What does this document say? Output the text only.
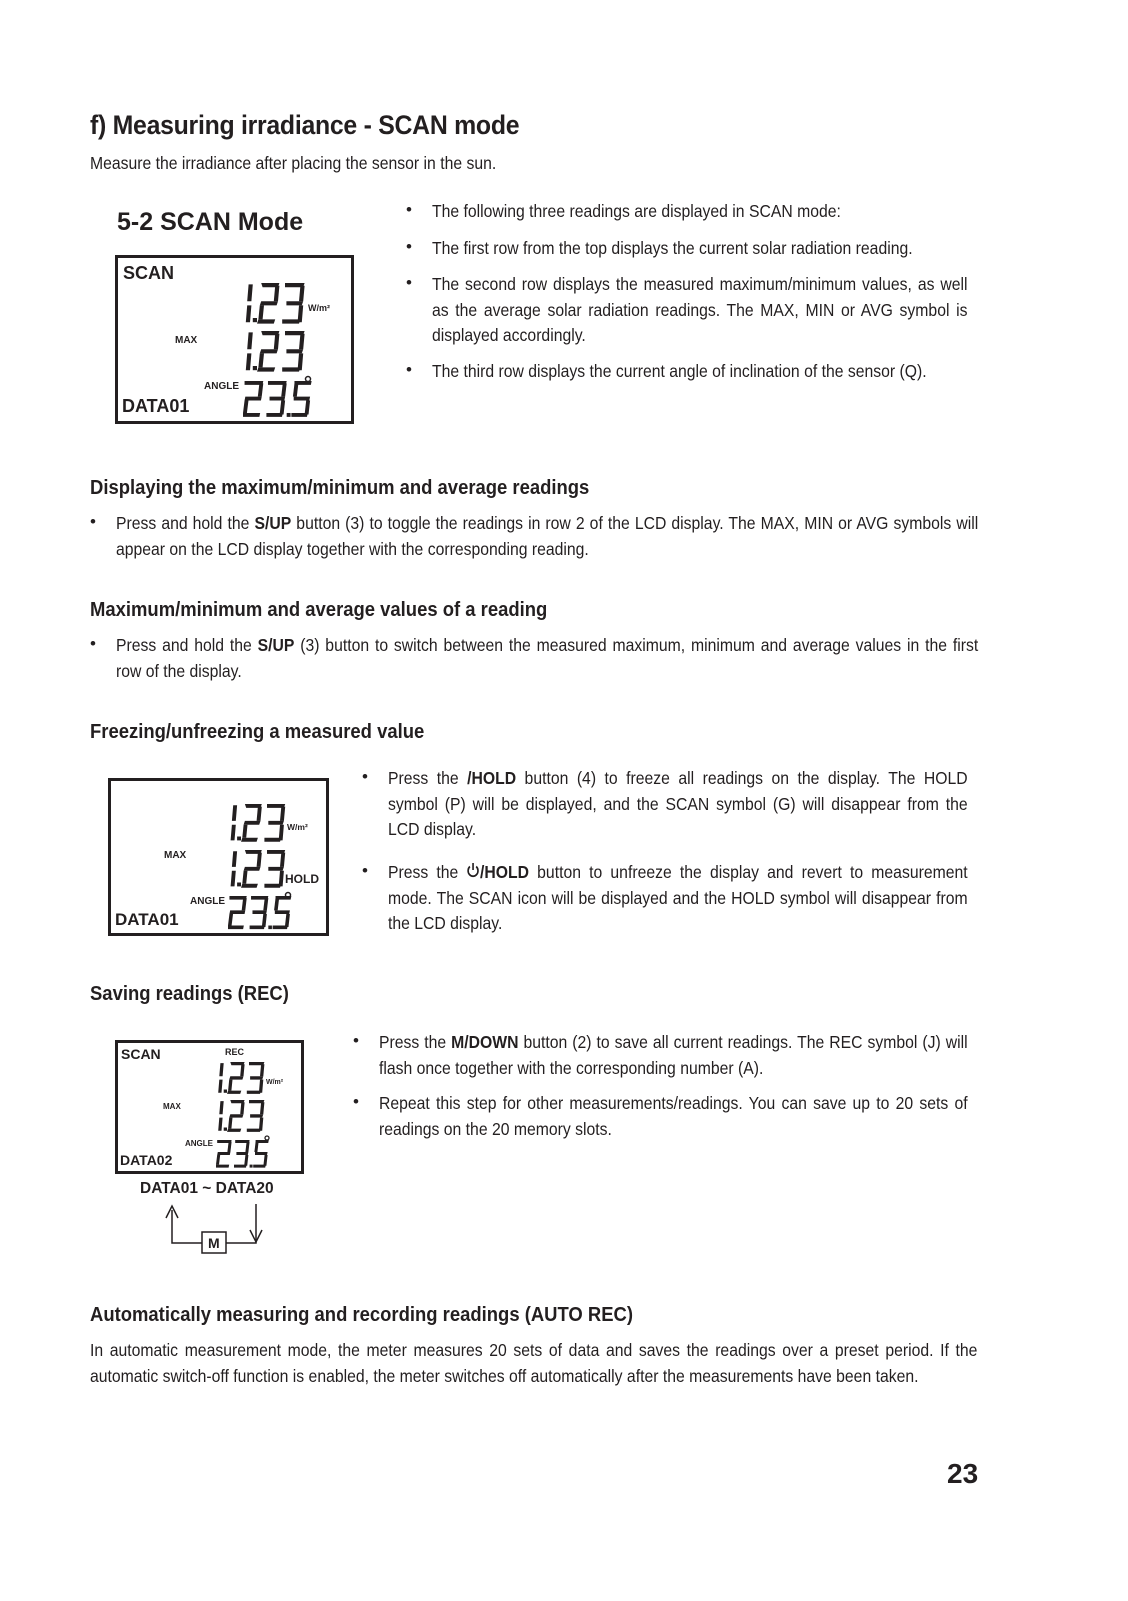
f) Measuring irradiance - SCAN mode
Measure the irradiance after placing the sensor in the sun.
5-2 SCAN Mode
SCAN
W/m²
MAX
ANGLE
DATA01
• The following three readings are displayed in SCAN mode:
• The first row from the top displays the current solar radiation reading.
• The second row displays the measured maximum/minimum values, as well as the average solar radiation readings. The MAX, MIN or AVG symbol is displayed accordingly.
• The third row displays the current angle of inclination of the sensor (Q).
Displaying the maximum/minimum and average readings
• Press and hold the S/UP button (3) to toggle the readings in row 2 of the LCD display. The MAX, MIN or AVG symbols will appear on the LCD display together with the corresponding reading.
Maximum/minimum and average values of a reading
• Press and hold the S/UP (3) button to switch between the measured maximum, minimum and average values in the first row of the display.
Freezing/unfreezing a measured value
W/m²
MAX
HOLD
ANGLE
DATA01
• Press the /HOLD button (4) to freeze all readings on the display. The HOLD symbol (P) will be displayed, and the SCAN symbol (G) will disappear from the LCD display.
• Press the /HOLD button to unfreeze the display and revert to measurement mode. The SCAN icon will be displayed and the HOLD symbol will disappear from the LCD display.
Saving readings (REC)
SCAN	REC
W/m²
MAX
ANGLE
DATA02
DATA01 ~ DATA20
M
• Press the M/DOWN button (2) to save all current readings. The REC symbol (J) will flash once together with the corresponding number (A).
• Repeat this step for other measurements/readings. You can save up to 20 sets of readings on the 20 memory slots.
Automatically measuring and recording readings (AUTO REC)
In automatic measurement mode, the meter measures 20 sets of data and saves the readings over a preset period. If the automatic switch-off function is enabled, the meter switches off automatically after the measurements have been taken.
23
